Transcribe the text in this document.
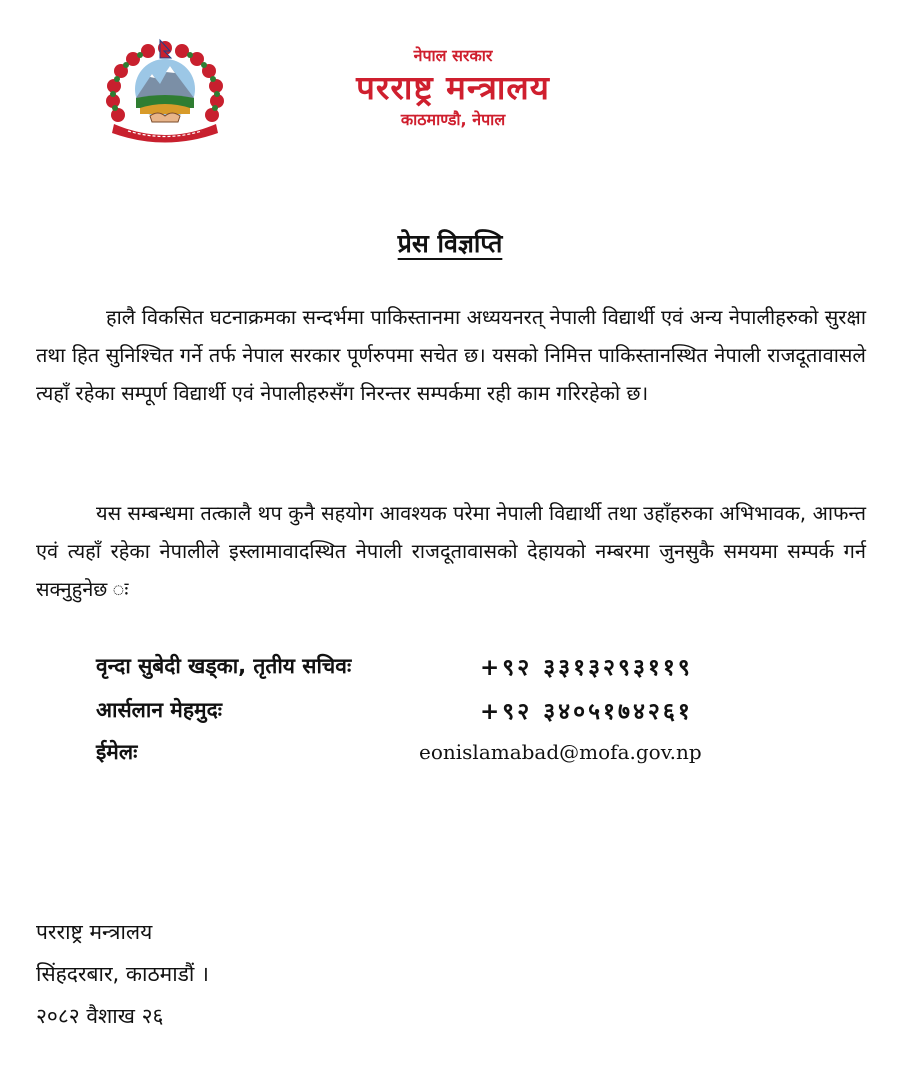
नेपाल सरकार
परराष्ट्र मन्त्रालय
काठमाण्डौ, नेपाल
प्रेस विज्ञप्ति

हालै विकसित घटनाक्रमका सन्दर्भमा पाकिस्तानमा अध्ययनरत् नेपाली विद्यार्थी एवं अन्य नेपालीहरुको सुरक्षा तथा हित सुनिश्चित गर्ने तर्फ नेपाल सरकार पूर्णरुपमा सचेत छ। यसको निमित्त पाकिस्तानस्थित नेपाली राजदूतावासले त्यहाँ रहेका सम्पूर्ण विद्यार्थी एवं नेपालीहरुसँग निरन्तर सम्पर्कमा रही काम गरिरहेको छ।

यस सम्बन्धमा तत्कालै थप कुनै सहयोग आवश्यक परेमा नेपाली विद्यार्थी तथा उहाँहरुका अभिभावक, आफन्त एवं त्यहाँ रहेका नेपालीले इस्लामावादस्थित नेपाली राजदूतावासको देहायको नम्बरमा जुनसुकै समयमा सम्पर्क गर्न सक्नुहुनेछ ः

वृन्दा सुबेदी खड्का, तृतीय सचिवः	+९२ ३३१३२९३११९
आर्सलान मेहमुदः	+९२ ३४०५१७४२६१
ईमेलः	eonislamabad@mofa.gov.np
परराष्ट्र मन्त्रालय
सिंहदरबार, काठमाडौं ।
२०८२ वैशाख २६
